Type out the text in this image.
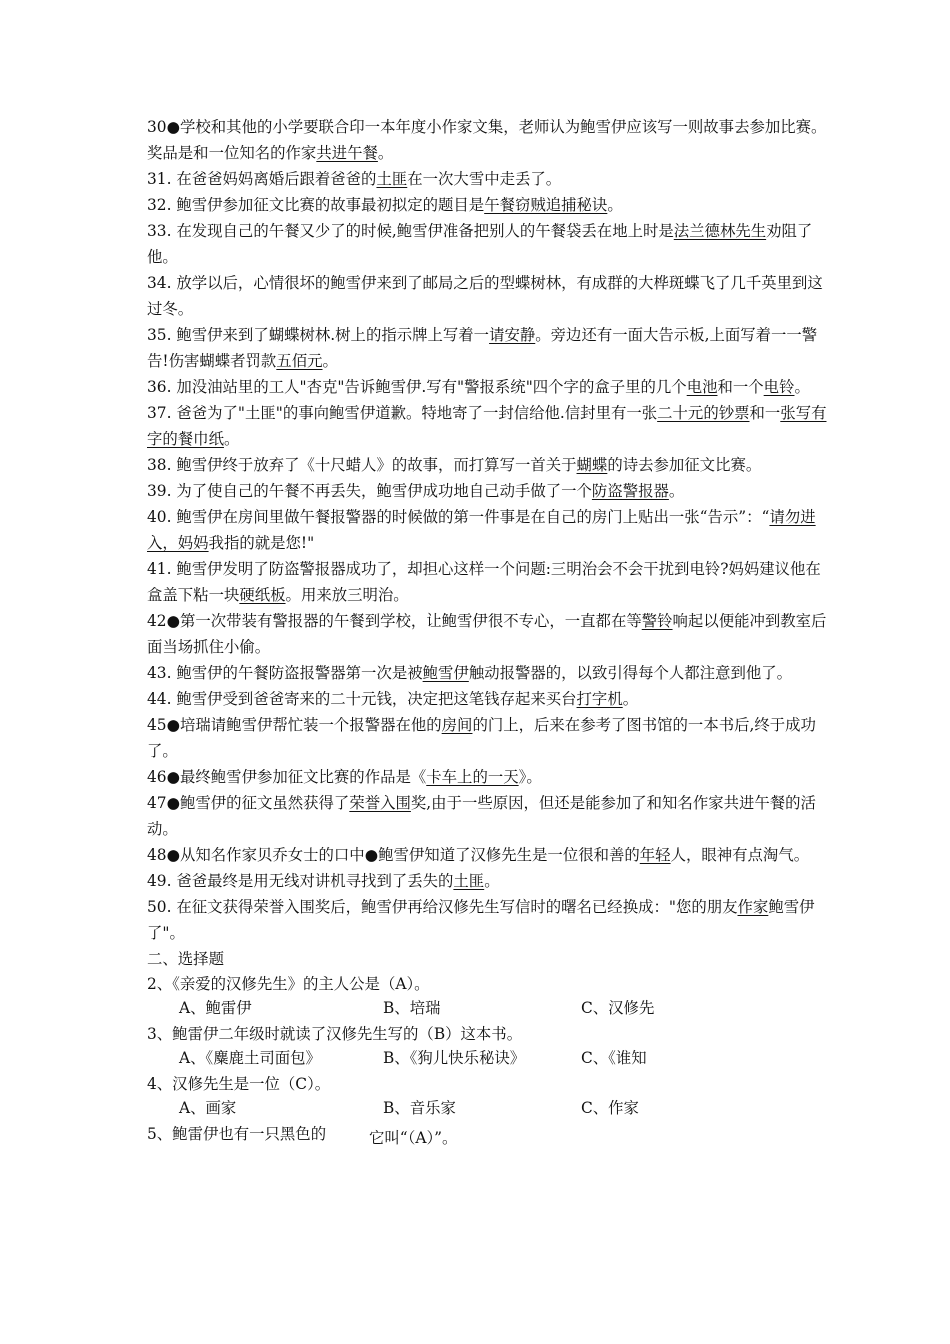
30●学校和其他的小学要联合印一本年度小作家文集，老师认为鲍雪伊应该写一则故事去参加比赛。奖品是和一位知名的作家共进午餐。

31. 在爸爸妈妈离婚后跟着爸爸的土匪在一次大雪中走丢了。

32. 鲍雪伊参加征文比赛的故事最初拟定的题目是午餐窃贼追捕秘诀。

33. 在发现自己的午餐又少了的时候,鲍雪伊准备把别人的午餐袋丢在地上时是法兰德林先生劝阻了他。

34. 放学以后，心情很坏的鲍雪伊来到了邮局之后的型蝶树林，有成群的大桦斑蝶飞了几千英里到这过冬。

35. 鲍雪伊来到了蝴蝶树林.树上的指示牌上写着一请安静。旁边还有一面大告示板,上面写着一一警告!伤害蝴蝶者罚款五佰元。

36. 加没油站里的工人"杏克"告诉鲍雪伊.写有"警报系统"四个字的盒子里的几个电池和一个电铃。

37. 爸爸为了"土匪"的事向鲍雪伊道歉。特地寄了一封信给他.信封里有一张二十元的钞票和一张写有字的餐巾纸。

38. 鲍雪伊终于放弃了《十尺蜡人》的故事，而打算写一首关于蝴蝶的诗去参加征文比赛。

39. 为了使自己的午餐不再丢失，鲍雪伊成功地自己动手做了一个防盗警报器。

40. 鲍雪伊在房间里做午餐报警器的时候做的第一件事是在自己的房门上贴出一张“告示”：“请勿进入，妈妈我指的就是您!"

41. 鲍雪伊发明了防盗警报器成功了，却担心这样一个问题:三明治会不会干扰到电铃?妈妈建议他在盒盖下粘一块硬纸板。用来放三明治。

42●第一次带装有警报器的午餐到学校，让鲍雪伊很不专心，一直都在等警铃响起以便能冲到教室后面当场抓住小偷。

43. 鲍雪伊的午餐防盗报警器第一次是被鲍雪伊触动报警器的，以致引得每个人都注意到他了。

44. 鲍雪伊受到爸爸寄来的二十元钱，决定把这笔钱存起来买台打字机。

45●培瑞请鲍雪伊帮忙装一个报警器在他的房间的门上，后来在参考了图书馆的一本书后,终于成功了。

46●最终鲍雪伊参加征文比赛的作品是《卡车上的一天》。

47●鲍雪伊的征文虽然获得了荣誉入围奖,由于一些原因，但还是能参加了和知名作家共进午餐的活动。

48●从知名作家贝乔女士的口中●鲍雪伊知道了汉修先生是一位很和善的年轻人，眼神有点淘气。

49. 爸爸最终是用无线对讲机寻找到了丢失的土匪。

50. 在征文获得荣誉入围奖后，鲍雪伊再给汉修先生写信时的曙名已经换成："您的朋友作家鲍雪伊了"。

二、选择题

2、《亲爱的汉修先生》的主人公是（A）。

A、鲍雷伊	B、培瑞	C、汉修先

3、鲍雷伊二年级时就读了汉修先生写的（B）这本书。

A、《麋鹿土司面包》	B、《狗儿快乐秘诀》	C、《谁知

4、汉修先生是一位（C）。

A、画家	B、音乐家	C、作家
5、鲍雷伊也有一只黑色的	它叫“（A）”。
